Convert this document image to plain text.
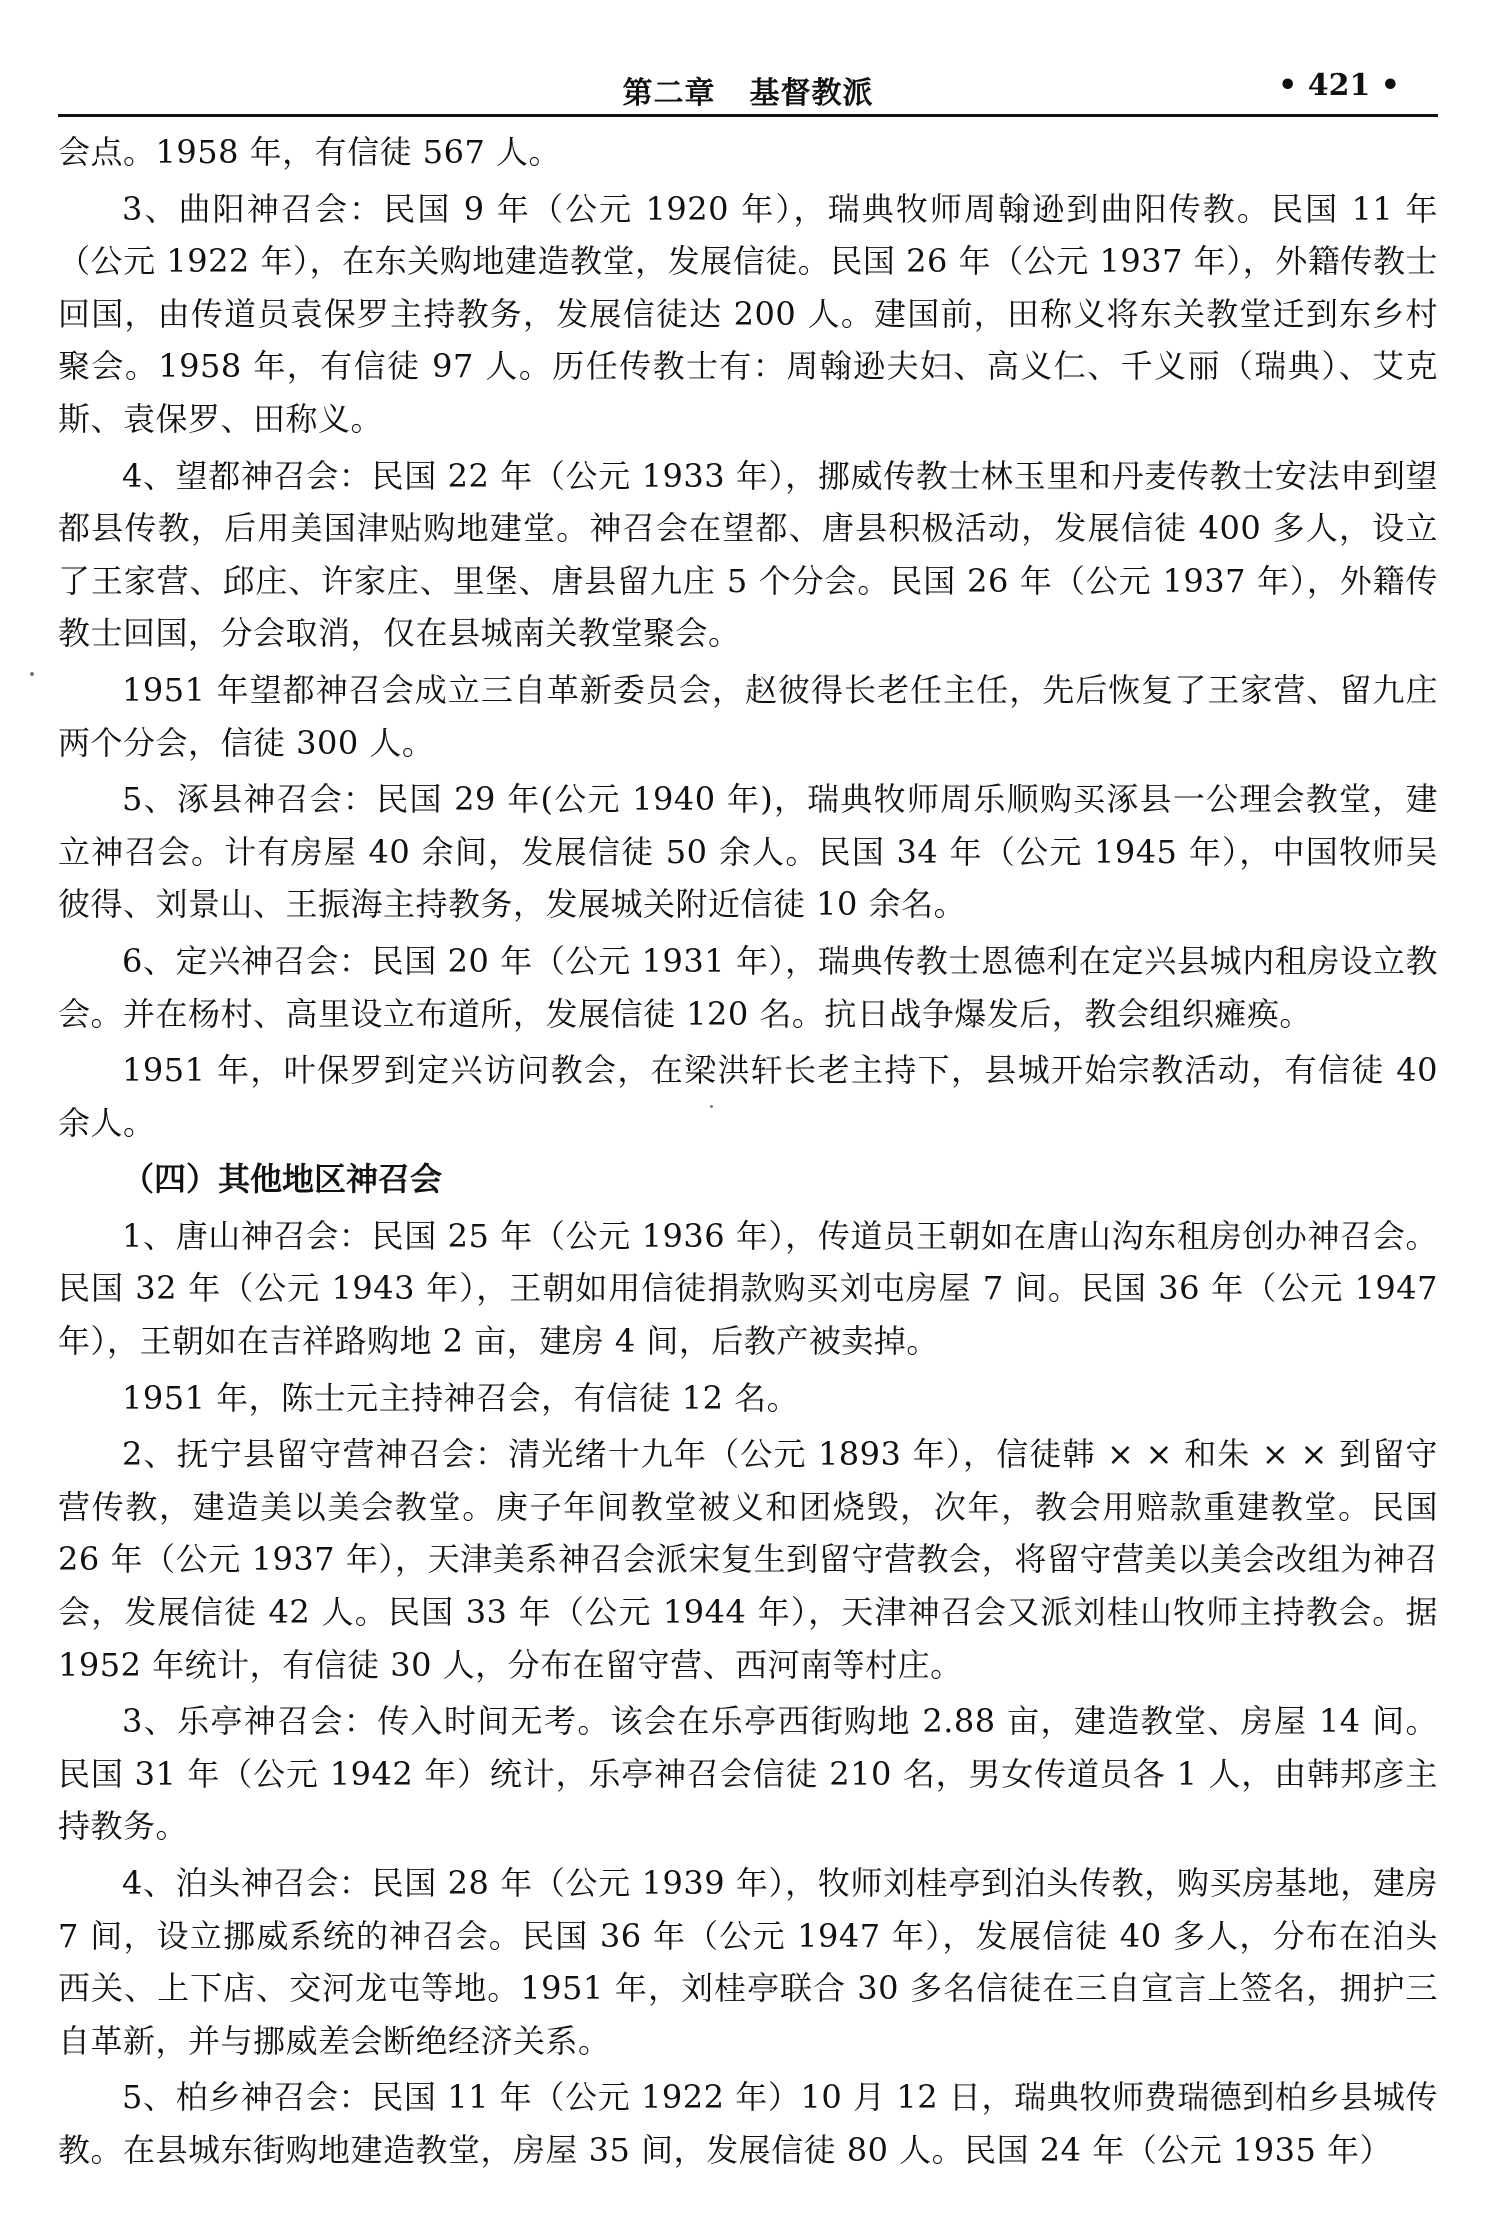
第二章 基督教派	• 421 •

会点。1958 年，有信徒 567 人。

3、曲阳神召会：民国 9 年（公元 1920 年），瑞典牧师周翰逊到曲阳传教。民国 11 年（公元 1922 年），在东关购地建造教堂，发展信徒。民国 26 年（公元 1937 年），外籍传教士回国，由传道员袁保罗主持教务，发展信徒达 200 人。建国前，田称义将东关教堂迁到东乡村聚会。1958 年，有信徒 97 人。历任传教士有：周翰逊夫妇、高义仁、千义丽（瑞典）、艾克斯、袁保罗、田称义。

4、望都神召会：民国 22 年（公元 1933 年），挪威传教士林玉里和丹麦传教士安法申到望都县传教，后用美国津贴购地建堂。神召会在望都、唐县积极活动，发展信徒 400 多人，设立了王家营、邱庄、许家庄、里堡、唐县留九庄 5 个分会。民国 26 年（公元 1937 年），外籍传教士回国，分会取消，仅在县城南关教堂聚会。

1951 年望都神召会成立三自革新委员会，赵彼得长老任主任，先后恢复了王家营、留九庄两个分会，信徒 300 人。

5、涿县神召会：民国 29 年(公元 1940 年)，瑞典牧师周乐顺购买涿县一公理会教堂，建立神召会。计有房屋 40 余间，发展信徒 50 余人。民国 34 年（公元 1945 年），中国牧师吴彼得、刘景山、王振海主持教务，发展城关附近信徒 10 余名。

6、定兴神召会：民国 20 年（公元 1931 年），瑞典传教士恩德利在定兴县城内租房设立教会。并在杨村、高里设立布道所，发展信徒 120 名。抗日战争爆发后，教会组织瘫痪。

1951 年，叶保罗到定兴访问教会，在梁洪轩长老主持下，县城开始宗教活动，有信徒 40 余人。

（四）其他地区神召会

1、唐山神召会：民国 25 年（公元 1936 年），传道员王朝如在唐山沟东租房创办神召会。民国 32 年（公元 1943 年），王朝如用信徒捐款购买刘屯房屋 7 间。民国 36 年（公元 1947 年），王朝如在吉祥路购地 2 亩，建房 4 间，后教产被卖掉。

1951 年，陈士元主持神召会，有信徒 12 名。

2、抚宁县留守营神召会：清光绪十九年（公元 1893 年），信徒韩 × × 和朱 × × 到留守营传教，建造美以美会教堂。庚子年间教堂被义和团烧毁，次年，教会用赔款重建教堂。民国 26 年（公元 1937 年），天津美系神召会派宋复生到留守营教会，将留守营美以美会改组为神召会，发展信徒 42 人。民国 33 年（公元 1944 年），天津神召会又派刘桂山牧师主持教会。据 1952 年统计，有信徒 30 人，分布在留守营、西河南等村庄。

3、乐亭神召会：传入时间无考。该会在乐亭西街购地 2.88 亩，建造教堂、房屋 14 间。民国 31 年（公元 1942 年）统计，乐亭神召会信徒 210 名，男女传道员各 1 人，由韩邦彦主持教务。

4、泊头神召会：民国 28 年（公元 1939 年），牧师刘桂亭到泊头传教，购买房基地，建房 7 间，设立挪威系统的神召会。民国 36 年（公元 1947 年），发展信徒 40 多人，分布在泊头西关、上下店、交河龙屯等地。1951 年，刘桂亭联合 30 多名信徒在三自宣言上签名，拥护三自革新，并与挪威差会断绝经济关系。

5、柏乡神召会：民国 11 年（公元 1922 年）10 月 12 日，瑞典牧师费瑞德到柏乡县城传教。在县城东街购地建造教堂，房屋 35 间，发展信徒 80 人。民国 24 年（公元 1935 年）
